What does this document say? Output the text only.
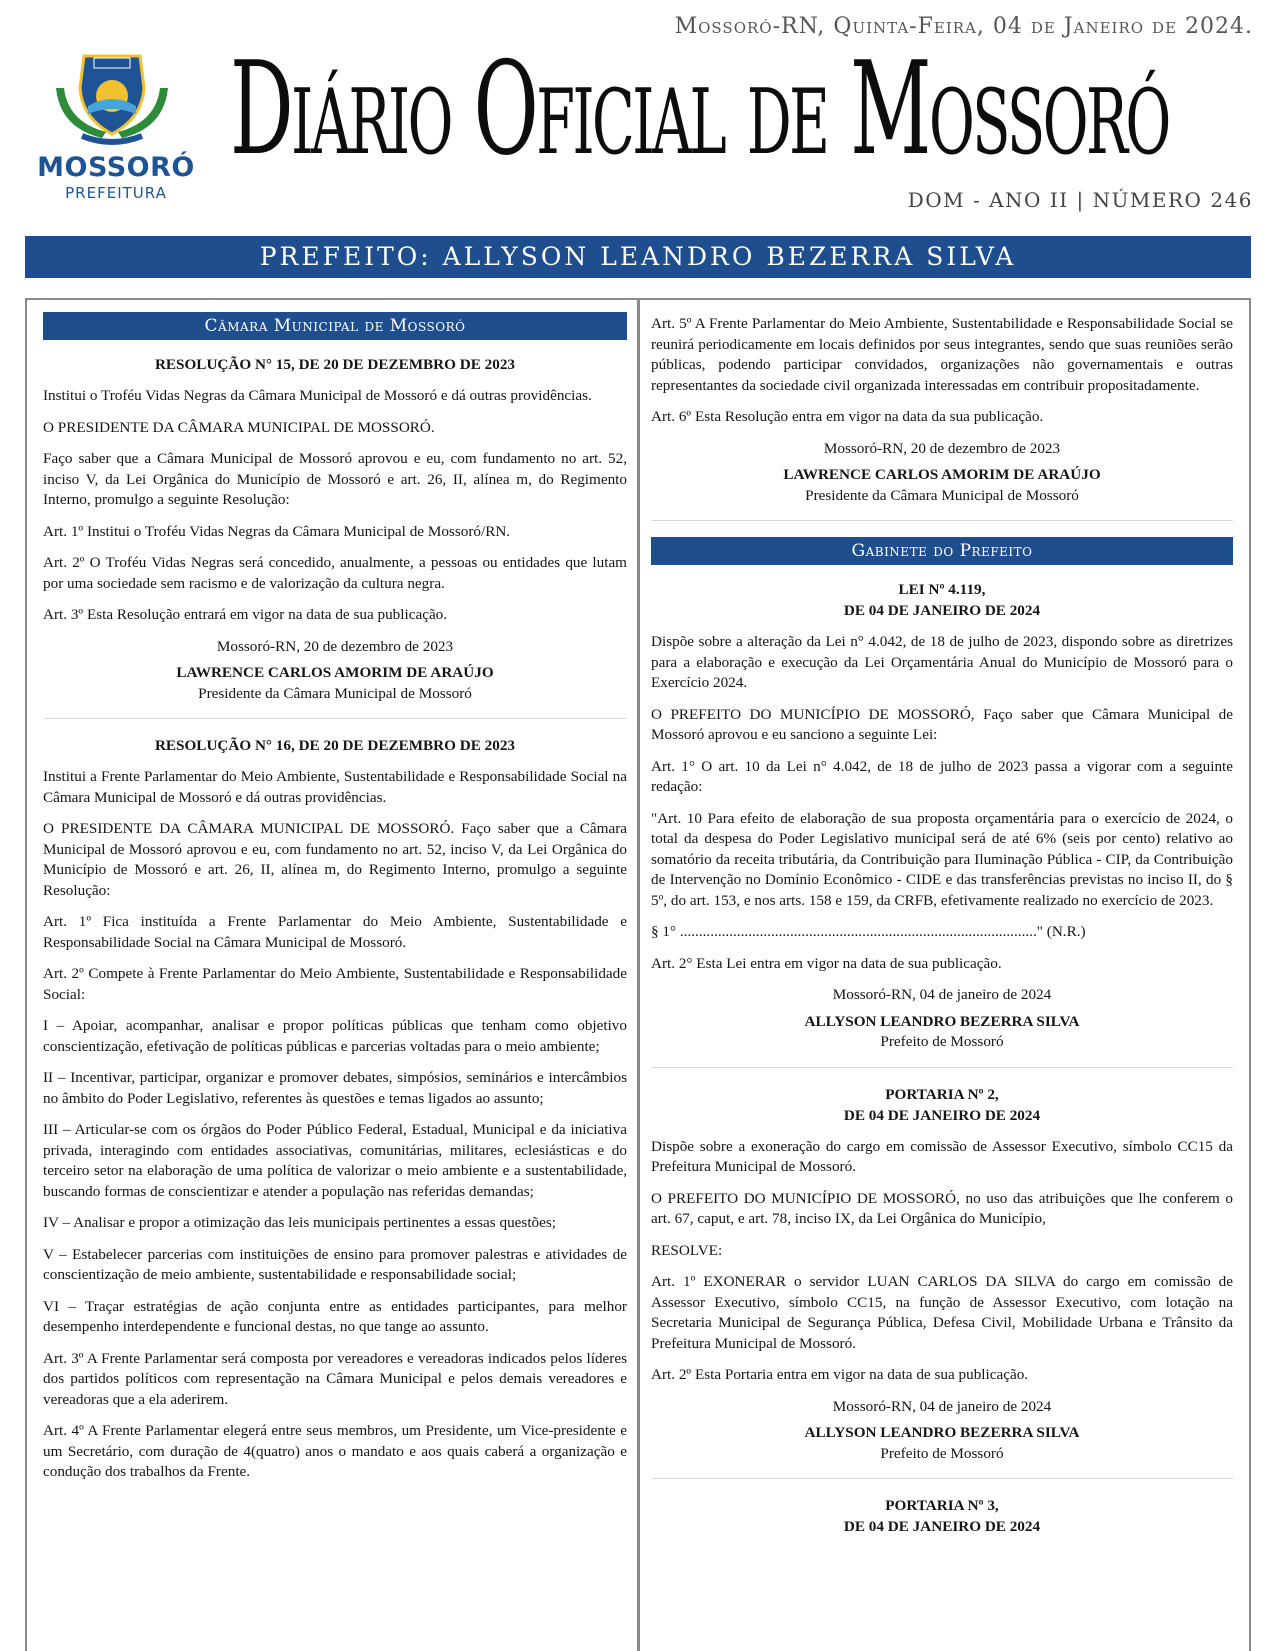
Mossoró-RN, Quinta-Feira, 04 de Janeiro de 2024.
MOSSORÓ
PREFEITURA
Diário Oficial de Mossoró
DOM - ANO II | NÚMERO 246
PREFEITO: ALLYSON LEANDRO BEZERRA SILVA
Câmara Municipal de Mossoró
RESOLUÇÃO N° 15, DE 20 DE DEZEMBRO DE 2023
Institui o Troféu Vidas Negras da Câmara Municipal de Mossoró e dá outras providências.
O PRESIDENTE DA CÂMARA MUNICIPAL DE MOSSORÓ.
Faço saber que a Câmara Municipal de Mossoró aprovou e eu, com fundamento no art. 52, inciso V, da Lei Orgânica do Município de Mossoró e art. 26, II, alínea m, do Regimento Interno, promulgo a seguinte Resolução:
Art. 1º Institui o Troféu Vidas Negras da Câmara Municipal de Mossoró/RN.
Art. 2º O Troféu Vidas Negras será concedido, anualmente, a pessoas ou entidades que lutam por uma sociedade sem racismo e de valorização da cultura negra.
Art. 3º Esta Resolução entrará em vigor na data de sua publicação.
Mossoró-RN, 20 de dezembro de 2023
LAWRENCE CARLOS AMORIM DE ARAÚJO
Presidente da Câmara Municipal de Mossoró
RESOLUÇÃO N° 16, DE 20 DE DEZEMBRO DE 2023
Institui a Frente Parlamentar do Meio Ambiente, Sustentabilidade e Responsabilidade Social na Câmara Municipal de Mossoró e dá outras providências.
O PRESIDENTE DA CÂMARA MUNICIPAL DE MOSSORÓ. Faço saber que a Câmara Municipal de Mossoró aprovou e eu, com fundamento no art. 52, inciso V, da Lei Orgânica do Município de Mossoró e art. 26, II, alínea m, do Regimento Interno, promulgo a seguinte Resolução:
Art. 1º Fica instituída a Frente Parlamentar do Meio Ambiente, Sustentabilidade e Responsabilidade Social na Câmara Municipal de Mossoró.
Art. 2º Compete à Frente Parlamentar do Meio Ambiente, Sustentabilidade e Responsabilidade Social:
I – Apoiar, acompanhar, analisar e propor políticas públicas que tenham como objetivo conscientização, efetivação de políticas públicas e parcerias voltadas para o meio ambiente;
II – Incentivar, participar, organizar e promover debates, simpósios, seminários e intercâmbios no âmbito do Poder Legislativo, referentes às questões e temas ligados ao assunto;
III – Articular-se com os órgãos do Poder Público Federal, Estadual, Municipal e da iniciativa privada, interagindo com entidades associativas, comunitárias, militares, eclesiásticas e do terceiro setor na elaboração de uma política de valorizar o meio ambiente e a sustentabilidade, buscando formas de conscientizar e atender a população nas referidas demandas;
IV – Analisar e propor a otimização das leis municipais pertinentes a essas questões;
V – Estabelecer parcerias com instituições de ensino para promover palestras e atividades de conscientização de meio ambiente, sustentabilidade e responsabilidade social;
VI – Traçar estratégias de ação conjunta entre as entidades participantes, para melhor desempenho interdependente e funcional destas, no que tange ao assunto.
Art. 3º A Frente Parlamentar será composta por vereadores e vereadoras indicados pelos líderes dos partidos políticos com representação na Câmara Municipal e pelos demais vereadores e vereadoras que a ela aderirem.
Art. 4º A Frente Parlamentar elegerá entre seus membros, um Presidente, um Vice-presidente e um Secretário, com duração de 4(quatro) anos o mandato e aos quais caberá a organização e condução dos trabalhos da Frente.
Art. 5º A Frente Parlamentar do Meio Ambiente, Sustentabilidade e Responsabilidade Social se reunirá periodicamente em locais definidos por seus integrantes, sendo que suas reuniões serão públicas, podendo participar convidados, organizações não governamentais e outras representantes da sociedade civil organizada interessadas em contribuir propositadamente.
Art. 6º Esta Resolução entra em vigor na data da sua publicação.
Mossoró-RN, 20 de dezembro de 2023
LAWRENCE CARLOS AMORIM DE ARAÚJO
Presidente da Câmara Municipal de Mossoró
Gabinete do Prefeito
LEI Nº 4.119,
DE 04 DE JANEIRO DE 2024
Dispõe sobre a alteração da Lei n° 4.042, de 18 de julho de 2023, dispondo sobre as diretrizes para a elaboração e execução da Lei Orçamentária Anual do Município de Mossoró para o Exercício 2024.
O PREFEITO DO MUNICÍPIO DE MOSSORÓ, Faço saber que Câmara Municipal de Mossoró aprovou e eu sanciono a seguinte Lei:
Art. 1° O art. 10 da Lei n° 4.042, de 18 de julho de 2023 passa a vigorar com a seguinte redação:
"Art. 10 Para efeito de elaboração de sua proposta orçamentária para o exercício de 2024, o total da despesa do Poder Legislativo municipal será de até 6% (seis por cento) relativo ao somatório da receita tributária, da Contribuição para Iluminação Pública - CIP, da Contribuição de Intervenção no Domínio Econômico - CIDE e das transferências previstas no inciso II, do § 5º, do art. 153, e nos arts. 158 e 159, da CRFB, efetivamente realizado no exercício de 2023.
§ 1° .............................................................................................." (N.R.)
Art. 2° Esta Lei entra em vigor na data de sua publicação.
Mossoró-RN, 04 de janeiro de 2024
ALLYSON LEANDRO BEZERRA SILVA
Prefeito de Mossoró
PORTARIA Nº 2,
DE 04 DE JANEIRO DE 2024
Dispõe sobre a exoneração do cargo em comissão de Assessor Executivo, símbolo CC15 da Prefeitura Municipal de Mossoró.
O PREFEITO DO MUNICÍPIO DE MOSSORÓ, no uso das atribuições que lhe conferem o art. 67, caput, e art. 78, inciso IX, da Lei Orgânica do Município,
RESOLVE:
Art. 1º EXONERAR o servidor LUAN CARLOS DA SILVA do cargo em comissão de Assessor Executivo, símbolo CC15, na função de Assessor Executivo, com lotação na Secretaria Municipal de Segurança Pública, Defesa Civil, Mobilidade Urbana e Trânsito da Prefeitura Municipal de Mossoró.
Art. 2º Esta Portaria entra em vigor na data de sua publicação.
Mossoró-RN, 04 de janeiro de 2024
ALLYSON LEANDRO BEZERRA SILVA
Prefeito de Mossoró
PORTARIA Nº 3,
DE 04 DE JANEIRO DE 2024
